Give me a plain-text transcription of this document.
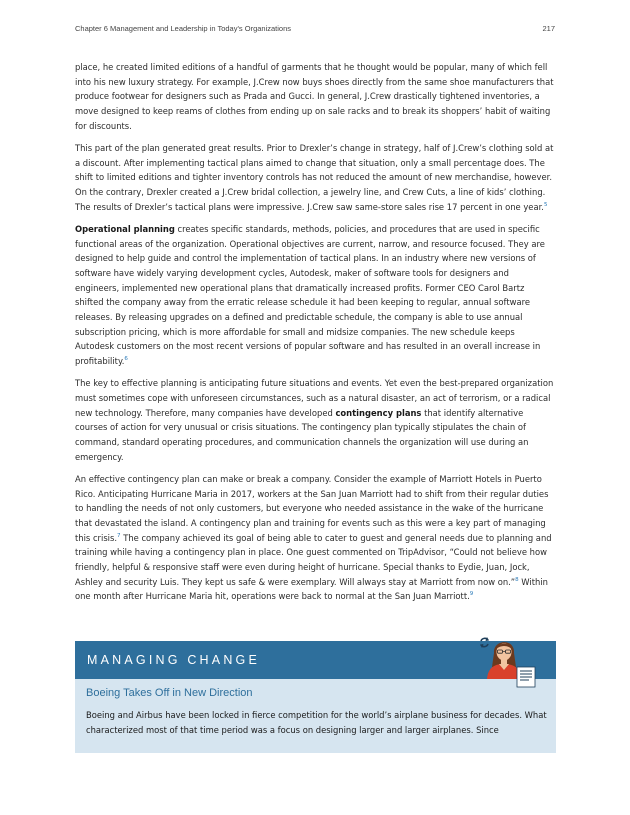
Chapter 6 Management and Leadership in Today's Organizations	217

place, he created limited editions of a handful of garments that he thought would be popular, many of which fell into his new luxury strategy. For example, J.Crew now buys shoes directly from the same shoe manufacturers that produce footwear for designers such as Prada and Gucci. In general, J.Crew drastically tightened inventories, a move designed to keep reams of clothes from ending up on sale racks and to break its shoppers’ habit of waiting for discounts.

This part of the plan generated great results. Prior to Drexler’s change in strategy, half of J.Crew’s clothing sold at a discount. After implementing tactical plans aimed to change that situation, only a small percentage does. The shift to limited editions and tighter inventory controls has not reduced the amount of new merchandise, however. On the contrary, Drexler created a J.Crew bridal collection, a jewelry line, and Crew Cuts, a line of kids’ clothing. The results of Drexler’s tactical plans were impressive. J.Crew saw same-store sales rise 17 percent in one year.$^5$

Operational planning creates specific standards, methods, policies, and procedures that are used in specific functional areas of the organization. Operational objectives are current, narrow, and resource focused. They are designed to help guide and control the implementation of tactical plans. In an industry where new versions of software have widely varying development cycles, Autodesk, maker of software tools for designers and engineers, implemented new operational plans that dramatically increased profits. Former CEO Carol Bartz shifted the company away from the erratic release schedule it had been keeping to regular, annual software releases. By releasing upgrades on a defined and predictable schedule, the company is able to use annual subscription pricing, which is more affordable for small and midsize companies. The new schedule keeps Autodesk customers on the most recent versions of popular software and has resulted in an overall increase in profitability.$^6$

The key to effective planning is anticipating future situations and events. Yet even the best-prepared organization must sometimes cope with unforeseen circumstances, such as a natural disaster, an act of terrorism, or a radical new technology. Therefore, many companies have developed contingency plans that identify alternative courses of action for very unusual or crisis situations. The contingency plan typically stipulates the chain of command, standard operating procedures, and communication channels the organization will use during an emergency.

An effective contingency plan can make or break a company. Consider the example of Marriott Hotels in Puerto Rico. Anticipating Hurricane Maria in 2017, workers at the San Juan Marriott had to shift from their regular duties to handling the needs of not only customers, but everyone who needed assistance in the wake of the hurricane that devastated the island. A contingency plan and training for events such as this were a key part of managing this crisis.$^7$ The company achieved its goal of being able to cater to guest and general needs due to planning and training while having a contingency plan in place. One guest commented on TripAdvisor, “Could not believe how friendly, helpful & responsive staff were even during height of hurricane. Special thanks to Eydie, Juan, Jock, Ashley and security Luis. They kept us safe & were exemplary. Will always stay at Marriott from now on.”$^8$ Within one month after Hurricane Maria hit, operations were back to normal at the San Juan Marriott.$^9$

MANAGING CHANGE
Boeing Takes Off in New Direction
Boeing and Airbus have been locked in fierce competition for the world’s airplane business for decades. What characterized most of that time period was a focus on designing larger and larger airplanes. Since
